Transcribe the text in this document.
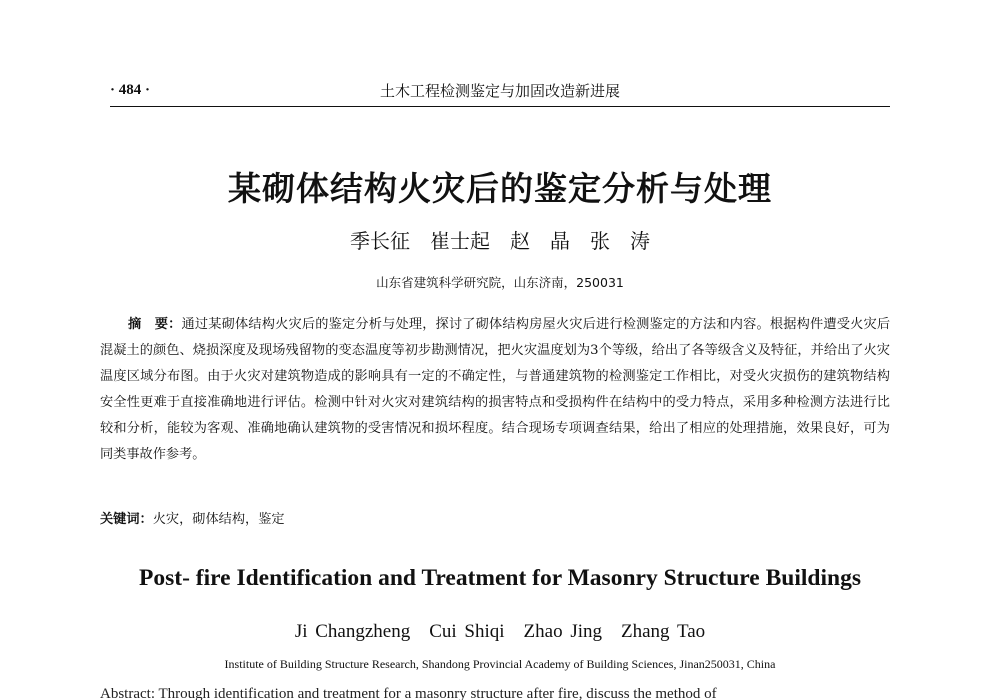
· 484 ·	土木工程检测鉴定与加固改造新进展
某砌体结构火灾后的鉴定分析与处理
季长征　崔士起　赵　晶　张　涛
山东省建筑科学研究院，山东济南，250031
摘　要：通过某砌体结构火灾后的鉴定分析与处理，探讨了砌体结构房屋火灾后进行检测鉴定的方法和内容。根据构件遭受火灾后混凝土的颜色、烧损深度及现场残留物的变态温度等初步勘测情况，把火灾温度划为3个等级，给出了各等级含义及特征，并给出了火灾温度区域分布图。由于火灾对建筑物造成的影响具有一定的不确定性，与普通建筑物的检测鉴定工作相比，对受火灾损伤的建筑物结构安全性更难于直接准确地进行评估。检测中针对火灾对建筑结构的损害特点和受损构件在结构中的受力特点，采用多种检测方法进行比较和分析，能较为客观、准确地确认建筑物的受害情况和损坏程度。结合现场专项调查结果，给出了相应的处理措施，效果良好，可为同类事故作参考。
关键词：火灾，砌体结构，鉴定
Post- fire Identification and Treatment for Masonry Structure Buildings
Ji Changzheng　Cui Shiqi　Zhao Jing　Zhang Tao
Institute of Building Structure Research, Shandong Provincial Academy of Building Sciences, Jinan250031, China
Abstract: Through identification and treatment for a masonry structure after fire, discuss the method of
